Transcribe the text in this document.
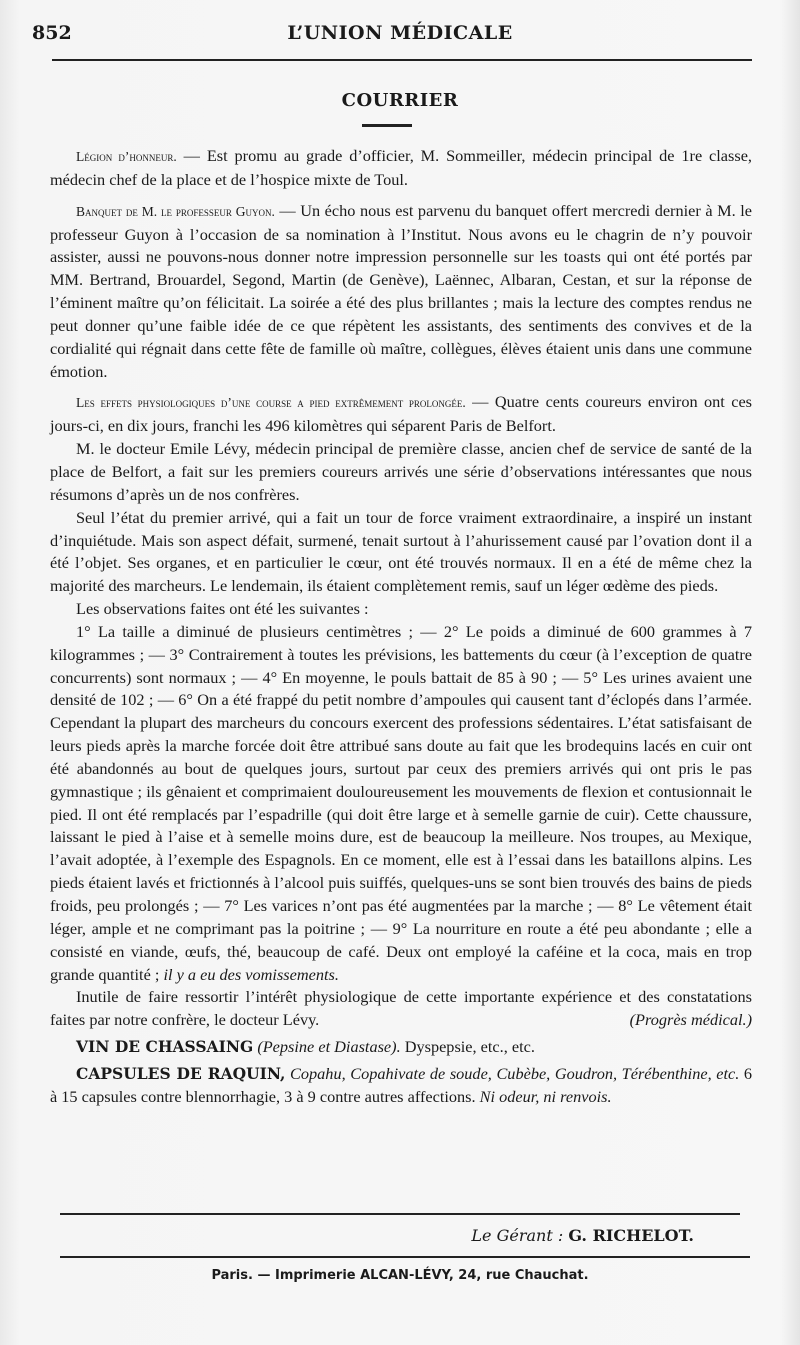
852	L’UNION MÉDICALE
COURRIER

Légion d’honneur. — Est promu au grade d’officier, M. Sommeiller, médecin principal de 1re classe, médecin chef de la place et de l’hospice mixte de Toul.

Banquet de M. le professeur Guyon. — Un écho nous est parvenu du banquet offert mercredi dernier à M. le professeur Guyon à l’occasion de sa nomination à l’Institut. Nous avons eu le chagrin de n’y pouvoir assister, aussi ne pouvons-nous donner notre impression personnelle sur les toasts qui ont été portés par MM. Bertrand, Brouardel, Segond, Martin (de Genève), Laënnec, Albaran, Cestan, et sur la réponse de l’éminent maître qu’on félicitait. La soirée a été des plus brillantes ; mais la lecture des comptes rendus ne peut donner qu’une faible idée de ce que répètent les assistants, des sentiments des convives et de la cordialité qui régnait dans cette fête de famille où maître, collègues, élèves étaient unis dans une commune émotion.

Les effets physiologiques d’une course a pied extrêmement prolongée. — Quatre cents coureurs environ ont ces jours-ci, en dix jours, franchi les 496 kilomètres qui séparent Paris de Belfort.

M. le docteur Emile Lévy, médecin principal de première classe, ancien chef de service de santé de la place de Belfort, a fait sur les premiers coureurs arrivés une série d’observations intéressantes que nous résumons d’après un de nos confrères.

Seul l’état du premier arrivé, qui a fait un tour de force vraiment extraordinaire, a inspiré un instant d’inquiétude. Mais son aspect défait, surmené, tenait surtout à l’ahurissement causé par l’ovation dont il a été l’objet. Ses organes, et en particulier le cœur, ont été trouvés normaux. Il en a été de même chez la majorité des marcheurs. Le lendemain, ils étaient complètement remis, sauf un léger œdème des pieds.

Les observations faites ont été les suivantes :

1° La taille a diminué de plusieurs centimètres ; — 2° Le poids a diminué de 600 grammes à 7 kilogrammes ; — 3° Contrairement à toutes les prévisions, les battements du cœur (à l’exception de quatre concurrents) sont normaux ; — 4° En moyenne, le pouls battait de 85 à 90 ; — 5° Les urines avaient une densité de 102 ; — 6° On a été frappé du petit nombre d’ampoules qui causent tant d’éclopés dans l’armée. Cependant la plupart des marcheurs du concours exercent des professions sédentaires. L’état satisfaisant de leurs pieds après la marche forcée doit être attribué sans doute au fait que les brodequins lacés en cuir ont été abandonnés au bout de quelques jours, surtout par ceux des premiers arrivés qui ont pris le pas gymnastique ; ils gênaient et comprimaient douloureusement les mouvements de flexion et contusionnait le pied. Il ont été remplacés par l’espadrille (qui doit être large et à semelle garnie de cuir). Cette chaussure, laissant le pied à l’aise et à semelle moins dure, est de beaucoup la meilleure. Nos troupes, au Mexique, l’avait adoptée, à l’exemple des Espagnols. En ce moment, elle est à l’essai dans les bataillons alpins. Les pieds étaient lavés et frictionnés à l’alcool puis suiffés, quelques-uns se sont bien trouvés des bains de pieds froids, peu prolongés ; — 7° Les varices n’ont pas été augmentées par la marche ; — 8° Le vêtement était léger, ample et ne comprimant pas la poitrine ; — 9° La nourriture en route a été peu abondante ; elle a consisté en viande, œufs, thé, beaucoup de café. Deux ont employé la caféine et la coca, mais en trop grande quantité ; il y a eu des vomissements.

Inutile de faire ressortir l’intérêt physiologique de cette importante expérience et des constatations faites par notre confrère, le docteur Lévy.	(Progrès médical.)

VIN DE CHASSAING (Pepsine et Diastase). Dyspepsie, etc., etc.

CAPSULES DE RAQUIN, Copahu, Copahivate de soude, Cubèbe, Goudron, Térébenthine, etc. 6 à 15 capsules contre blennorrhagie, 3 à 9 contre autres affections. Ni odeur, ni renvois.

Le Gérant : G. RICHELOT.
Paris. — Imprimerie ALCAN-LÉVY, 24, rue Chauchat.
